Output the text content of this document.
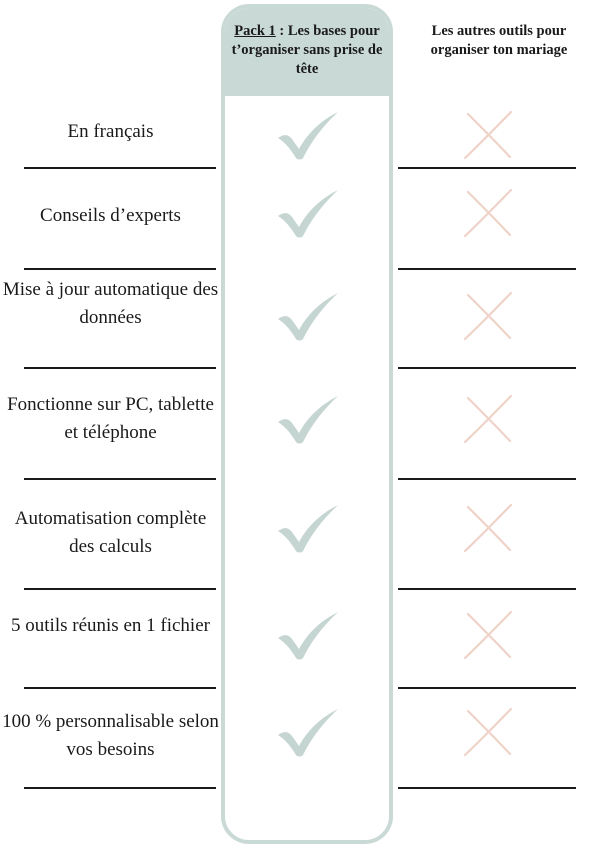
Pack 1 : Les bases pour t’organiser sans prise de tête
Les autres outils pour organiser ton mariage
En français
Conseils d’experts
Mise à jour automatique des données
Fonctionne sur PC, tablette et téléphone
Automatisation complète des calculs
5 outils réunis en 1 fichier
100 % personnalisable selon vos besoins
